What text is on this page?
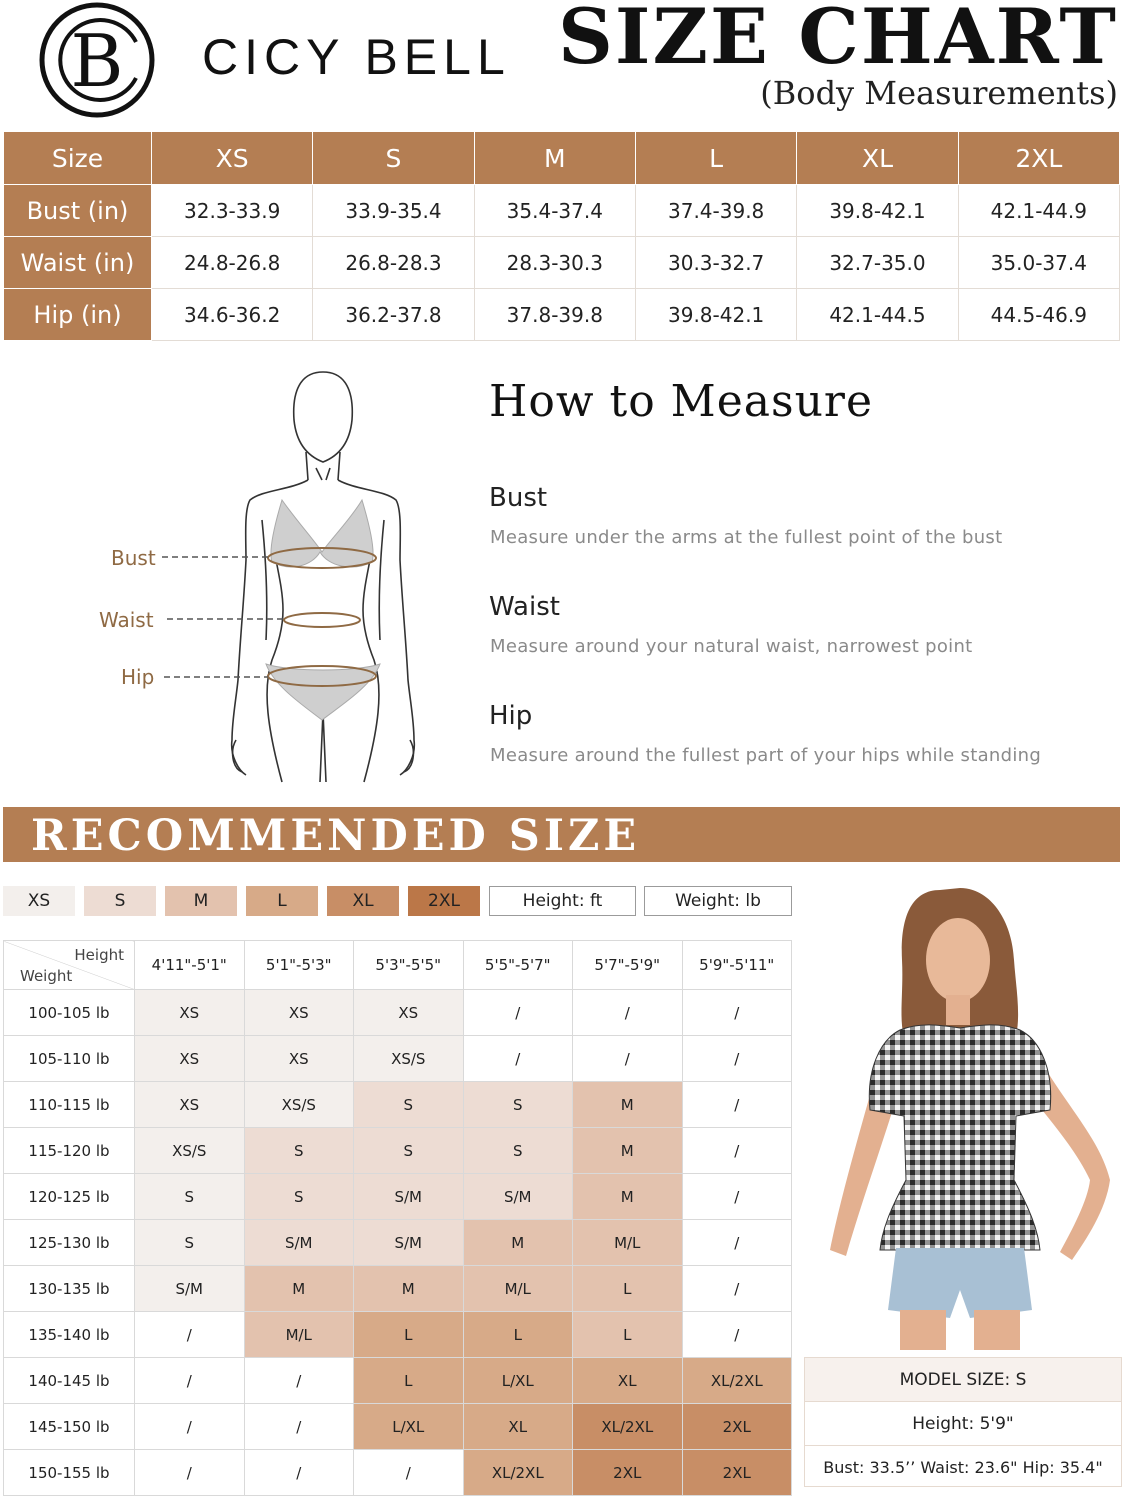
B CICY BELL SIZE CHART
(Body Measurements)
Size	XS	S	M	L	XL	2XL
Bust (in)	32.3-33.9	33.9-35.4	35.4-37.4	37.4-39.8	39.8-42.1	42.1-44.9
Waist (in)	24.8-26.8	26.8-28.3	28.3-30.3	30.3-32.7	32.7-35.0	35.0-37.4
Hip (in)	34.6-36.2	36.2-37.8	37.8-39.8	39.8-42.1	42.1-44.5	44.5-46.9
Bust
Waist
Hip
How to Measure
Bust
Measure under the arms at the fullest point of the bust
Waist
Measure around your natural waist, narrowest point
Hip
Measure around the fullest part of your hips while standing
RECOMMENDED SIZE
XS	S	M	L	XL	2XL	Height: ft	Weight: lb
Height
Weight	4'11"-5'1"	5'1"-5'3"	5'3"-5'5"	5'5"-5'7"	5'7"-5'9"	5'9"-5'11"
100-105 lb	XS	XS	XS	/	/	/
105-110 lb	XS	XS	XS/S	/	/	/
110-115 lb	XS	XS/S	S	S	M	/
115-120 lb	XS/S	S	S	S	M	/
120-125 lb	S	S	S/M	S/M	M	/
125-130 lb	S	S/M	S/M	M	M/L	/
130-135 lb	S/M	M	M	M/L	L	/
135-140 lb	/	M/L	L	L	L	/
140-145 lb	/	/	L	L/XL	XL	XL/2XL
145-150 lb	/	/	L/XL	XL	XL/2XL	2XL
150-155 lb	/	/	/	XL/2XL	2XL	2XL
MODEL SIZE: S
Height: 5'9"
Bust: 33.5’’ Waist: 23.6" Hip: 35.4"
